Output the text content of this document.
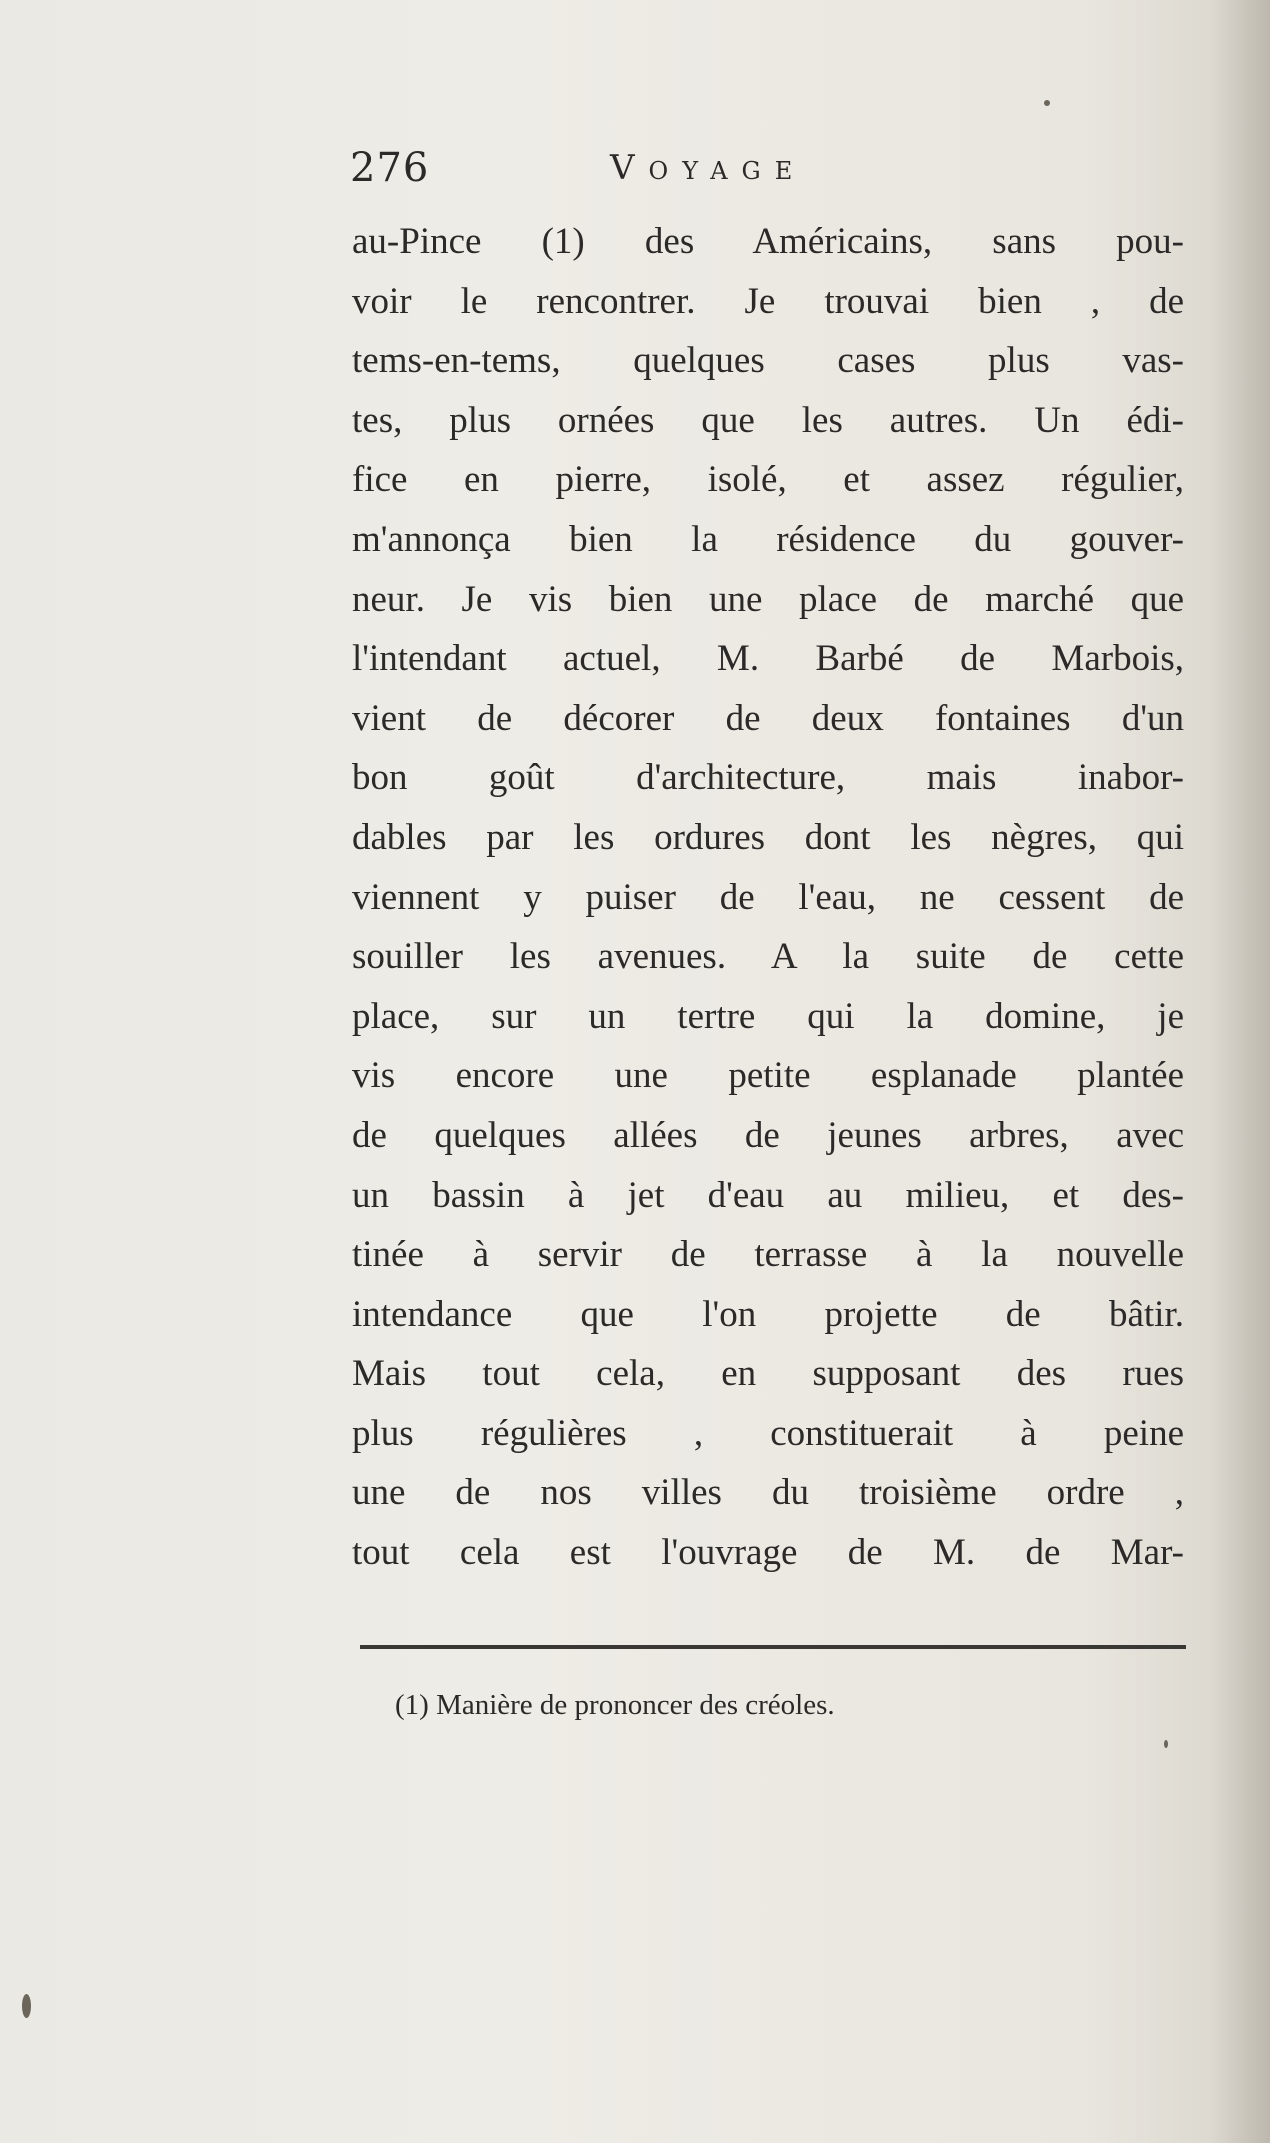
276	Voyage
au-Pince (1) des Américains, sans pou-
voir le rencontrer. Je trouvai bien , de
tems-en-tems, quelques cases plus vas-
tes, plus ornées que les autres. Un édi-
fice en pierre, isolé, et assez régulier,
m'annonça bien la résidence du gouver-
neur. Je vis bien une place de marché que
l'intendant actuel, M. Barbé de Marbois,
vient de décorer de deux fontaines d'un
bon goût d'architecture, mais inabor-
dables par les ordures dont les nègres, qui
viennent y puiser de l'eau, ne cessent de
souiller les avenues. A la suite de cette
place, sur un tertre qui la domine, je
vis encore une petite esplanade plantée
de quelques allées de jeunes arbres, avec
un bassin à jet d'eau au milieu, et des-
tinée à servir de terrasse à la nouvelle
intendance que l'on projette de bâtir.
Mais tout cela, en supposant des rues
plus régulières , constituerait à peine
une de nos villes du troisième ordre ,
tout cela est l'ouvrage de M. de Mar-
(1) Manière de prononcer des créoles.
